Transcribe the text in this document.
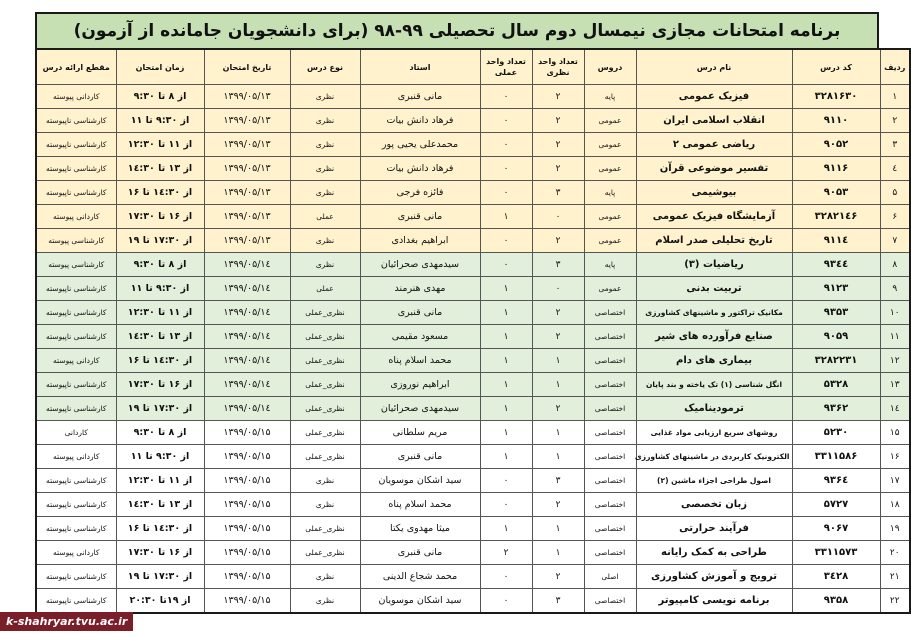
برنامه امتحانات مجازی نیمسال دوم سال تحصیلی ۹۹-۹۸ (برای دانشجویان جامانده از آزمون)
ردیف	کد درس	نام درس	دروس	تعداد واحد نظری	تعداد واحد عملی	استاد	نوع درس	تاریخ امتحان	زمان امتحان	مقطع ارائه درس
۱	۳۲۸۱۶۳۰	فیزیک عمومی	پایه	۲	۰	مانی قنبری	نظری	۱۳۹۹/۰۵/۱۳	از ۸ تا ۹:۳۰	کاردانی پیوسته
۲	۹۱۱۰	انقلاب اسلامی ایران	عمومی	۲	۰	فرهاد دانش بیات	نظری	۱۳۹۹/۰۵/۱۳	از ۹:۳۰ تا ۱۱	کارشناسی ناپیوسته
۳	۹۰۵۲	ریاضی عمومی ۲	عمومی	۲	۰	محمدعلی یحیی پور	نظری	۱۳۹۹/۰۵/۱۳	از ۱۱ تا ۱۲:۳۰	کارشناسی ناپیوسته
٤	۹۱۱۶	تفسیر موضوعی قرآن	عمومی	۲	۰	فرهاد دانش بیات	نظری	۱۳۹۹/۰۵/۱۳	از ۱۳ تا ۱٤:۳۰	کارشناسی ناپیوسته
۵	۹۰۵۳	بیوشیمی	پایه	۳	۰	فائزه فرجی	نظری	۱۳۹۹/۰۵/۱۳	از ۱٤:۳۰ تا ۱۶	کارشناسی ناپیوسته
۶	۳۲۸۲۱٤۶	آزمایشگاه فیزیک عمومی	عمومی	۰	۱	مانی قنبری	عملی	۱۳۹۹/۰۵/۱۳	از ۱۶ تا ۱۷:۳۰	کاردانی پیوسته
۷	۹۱۱٤	تاریخ تحلیلی صدر اسلام	عمومی	۲	۰	ابراهیم بغدادی	نظری	۱۳۹۹/۰۵/۱۳	از ۱۷:۳۰ تا ۱۹	کارشناسی پیوسته
۸	۹۳٤٤	ریاضیات (۳)	پایه	۳	۰	سیدمهدی صحرائیان	نظری	۱۳۹۹/۰۵/۱٤	از ۸ تا ۹:۳۰	کارشناسی پیوسته
۹	۹۱۲۳	تربیت بدنی	عمومی	۰	۱	مهدی هنرمند	عملی	۱۳۹۹/۰۵/۱٤	از ۹:۳۰ تا ۱۱	کارشناسی ناپیوسته
۱۰	۹۳۵۳	مکانیک تراکتور و ماشینهای کشاورزی	اختصاصی	۲	۱	مانی قنبری	نظری_عملی	۱۳۹۹/۰۵/۱٤	از ۱۱ تا ۱۲:۳۰	کارشناسی ناپیوسته
۱۱	۹۰۵۹	صنایع فرآورده های شیر	اختصاصی	۲	۱	مسعود مقیمی	نظری_عملی	۱۳۹۹/۰۵/۱٤	از ۱۳ تا ۱٤:۳۰	کارشناسی ناپیوسته
۱۲	۳۲۸۲۲۳۱	بیماری های دام	اختصاصی	۱	۱	محمد اسلام پناه	نظری_عملی	۱۳۹۹/۰۵/۱٤	از ۱٤:۳۰ تا ۱۶	کاردانی پیوسته
۱۳	۵۳۲۸	انگل شناسی (۱) تک یاخته و بند پایان	اختصاصی	۱	۱	ابراهیم نوروزی	نظری_عملی	۱۳۹۹/۰۵/۱٤	از ۱۶ تا ۱۷:۳۰	کارشناسی ناپیوسته
۱٤	۹۳۶۲	ترمودینامیک	اختصاصی	۲	۱	سیدمهدی صحرائیان	نظری_عملی	۱۳۹۹/۰۵/۱٤	از ۱۷:۳۰ تا ۱۹	کارشناسی ناپیوسته
۱۵	۵۲۳۰	روشهای سریع ارزیابی مواد غذایی	اختصاصی	۱	۱	مریم سلطانی	نظری_عملی	۱۳۹۹/۰۵/۱۵	از ۸ تا ۹:۳۰	کاردانی
۱۶	۳۳۱۱۵۸۶	الکترونیک کاربردی در ماشینهای کشاورزی	اختصاصی	۱	۱	مانی قنبری	نظری_عملی	۱۳۹۹/۰۵/۱۵	از ۹:۳۰ تا ۱۱	کاردانی پیوسته
۱۷	۹۳۶٤	اصول طراحی اجزاء ماشین (۲)	اختصاصی	۳	۰	سید اشکان موسویان	نظری	۱۳۹۹/۰۵/۱۵	از ۱۱ تا ۱۲:۳۰	کارشناسی ناپیوسته
۱۸	۵۷۲۷	زبان تخصصی	اختصاصی	۲	۰	محمد اسلام پناه	نظری	۱۳۹۹/۰۵/۱۵	از ۱۳ تا ۱٤:۳۰	کارشناسی ناپیوسته
۱۹	۹۰۶۷	فرآیند حرارتی	اختصاصی	۱	۱	میثا مهدوی یکتا	نظری_عملی	۱۳۹۹/۰۵/۱۵	از ۱٤:۳۰ تا ۱۶	کارشناسی ناپیوسته
۲۰	۳۳۱۱۵۷۳	طراحی به کمک رایانه	اختصاصی	۱	۲	مانی قنبری	نظری_عملی	۱۳۹۹/۰۵/۱۵	از ۱۶ تا ۱۷:۳۰	کاردانی پیوسته
۲۱	۳٤۲۸	ترویج و آموزش کشاورزی	اصلی	۲	۰	محمد شجاع الدینی	نظری	۱۳۹۹/۰۵/۱۵	از ۱۷:۳۰ تا ۱۹	کارشناسی ناپیوسته
۲۲	۹۳۵۸	برنامه نویسی کامپیوتر	اختصاصی	۳	۰	سید اشکان موسویان	نظری	۱۳۹۹/۰۵/۱۵	از ۱۹تا ۲۰:۳۰	کارشناسی ناپیوسته
k-shahryar.tvu.ac.ir
